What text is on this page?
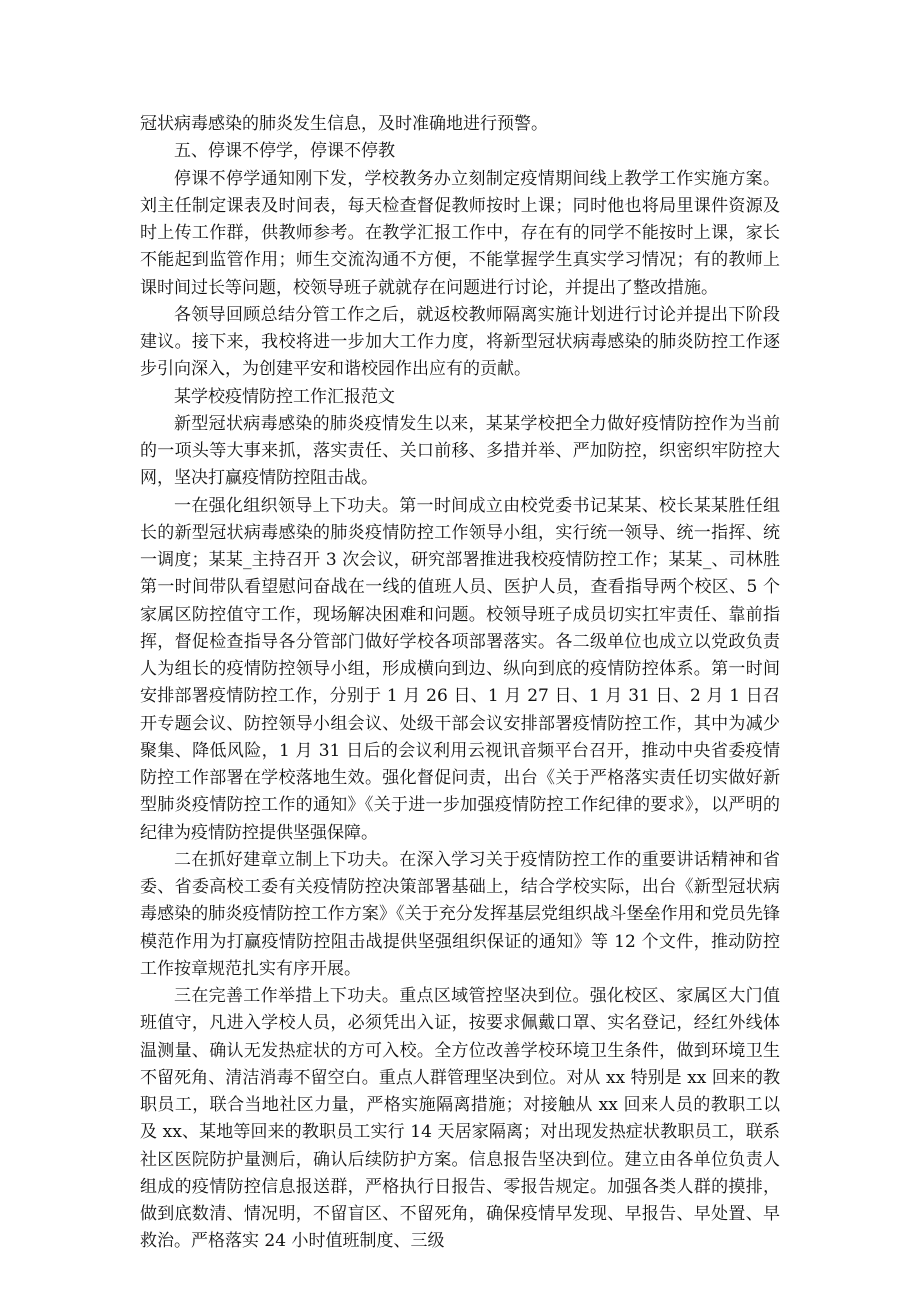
冠状病毒感染的肺炎发生信息，及时准确地进行预警。

五、停课不停学，停课不停教

停课不停学通知刚下发，学校教务办立刻制定疫情期间线上教学工作实施方案。刘主任制定课表及时间表，每天检查督促教师按时上课；同时他也将局里课件资源及时上传工作群，供教师参考。在教学汇报工作中，存在有的同学不能按时上课，家长不能起到监管作用；师生交流沟通不方便，不能掌握学生真实学习情况；有的教师上课时间过长等问题，校领导班子就就存在问题进行讨论，并提出了整改措施。

各领导回顾总结分管工作之后，就返校教师隔离实施计划进行讨论并提出下阶段建议。接下来，我校将进一步加大工作力度，将新型冠状病毒感染的肺炎防控工作逐步引向深入，为创建平安和谐校园作出应有的贡献。

某学校疫情防控工作汇报范文

新型冠状病毒感染的肺炎疫情发生以来，某某学校把全力做好疫情防控作为当前的一项头等大事来抓，落实责任、关口前移、多措并举、严加防控，织密织牢防控大网，坚决打赢疫情防控阻击战。

一在强化组织领导上下功夫。第一时间成立由校党委书记某某、校长某某胜任组长的新型冠状病毒感染的肺炎疫情防控工作领导小组，实行统一领导、统一指挥、统一调度；某某_主持召开 3 次会议，研究部署推进我校疫情防控工作；某某_、司林胜第一时间带队看望慰问奋战在一线的值班人员、医护人员，查看指导两个校区、5 个家属区防控值守工作，现场解决困难和问题。校领导班子成员切实扛牢责任、靠前指挥，督促检查指导各分管部门做好学校各项部署落实。各二级单位也成立以党政负责人为组长的疫情防控领导小组，形成横向到边、纵向到底的疫情防控体系。第一时间安排部署疫情防控工作，分别于 1 月 26 日、1 月 27 日、1 月 31 日、2 月 1 日召开专题会议、防控领导小组会议、处级干部会议安排部署疫情防控工作，其中为减少聚集、降低风险，1 月 31 日后的会议利用云视讯音频平台召开，推动中央省委疫情防控工作部署在学校落地生效。强化督促问责，出台《关于严格落实责任切实做好新型肺炎疫情防控工作的通知》《关于进一步加强疫情防控工作纪律的要求》，以严明的纪律为疫情防控提供坚强保障。

二在抓好建章立制上下功夫。在深入学习关于疫情防控工作的重要讲话精神和省委、省委高校工委有关疫情防控决策部署基础上，结合学校实际，出台《新型冠状病毒感染的肺炎疫情防控工作方案》《关于充分发挥基层党组织战斗堡垒作用和党员先锋模范作用为打赢疫情防控阻击战提供坚强组织保证的通知》等 12 个文件，推动防控工作按章规范扎实有序开展。

三在完善工作举措上下功夫。重点区域管控坚决到位。强化校区、家属区大门值班值守，凡进入学校人员，必须凭出入证，按要求佩戴口罩、实名登记，经红外线体温测量、确认无发热症状的方可入校。全方位改善学校环境卫生条件，做到环境卫生不留死角、清洁消毒不留空白。重点人群管理坚决到位。对从 xx 特别是 xx 回来的教职员工，联合当地社区力量，严格实施隔离措施；对接触从 xx 回来人员的教职工以及 xx、某地等回来的教职员工实行 14 天居家隔离；对出现发热症状教职员工，联系社区医院防护量测后，确认后续防护方案。信息报告坚决到位。建立由各单位负责人组成的疫情防控信息报送群，严格执行日报告、零报告规定。加强各类人群的摸排，做到底数清、情况明，不留盲区、不留死角，确保疫情早发现、早报告、早处置、早救治。严格落实 24 小时值班制度、三级
